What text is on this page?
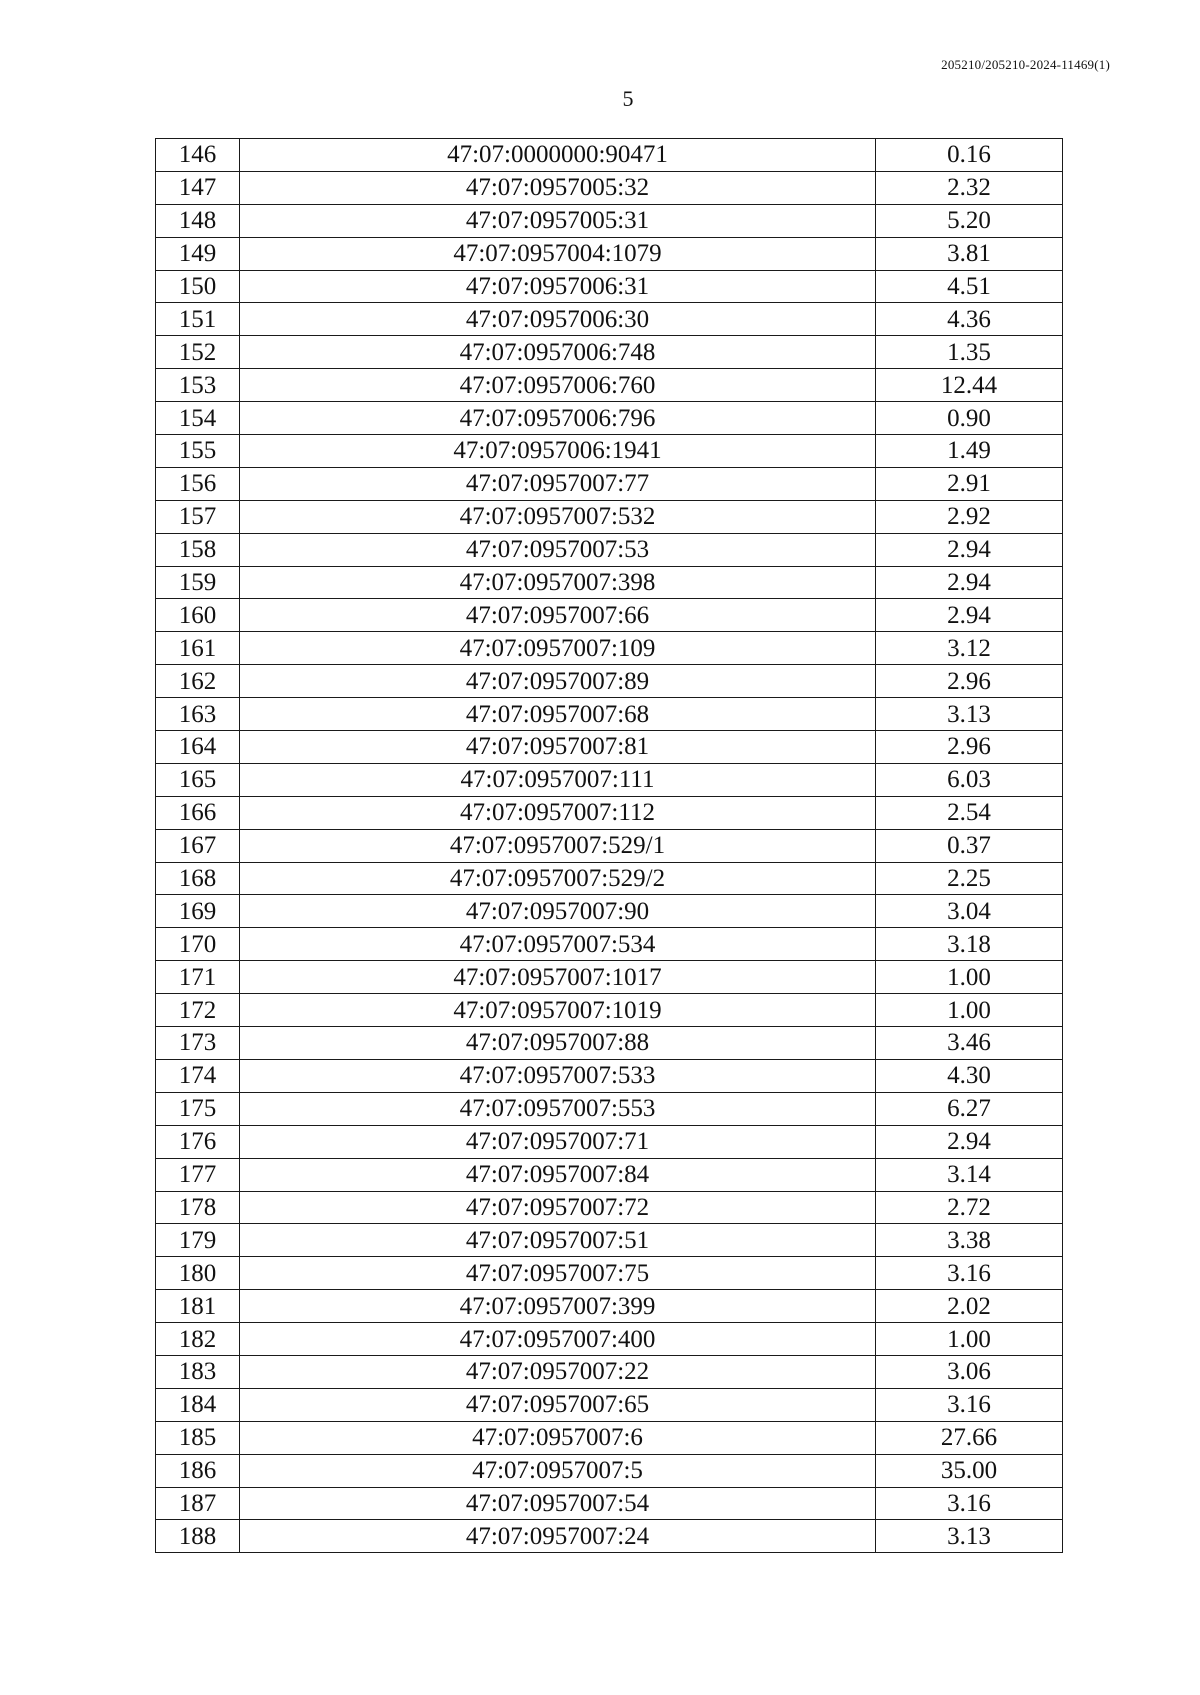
205210/205210-2024-11469(1)
5
146	47:07:0000000:90471	0.16
147	47:07:0957005:32	2.32
148	47:07:0957005:31	5.20
149	47:07:0957004:1079	3.81
150	47:07:0957006:31	4.51
151	47:07:0957006:30	4.36
152	47:07:0957006:748	1.35
153	47:07:0957006:760	12.44
154	47:07:0957006:796	0.90
155	47:07:0957006:1941	1.49
156	47:07:0957007:77	2.91
157	47:07:0957007:532	2.92
158	47:07:0957007:53	2.94
159	47:07:0957007:398	2.94
160	47:07:0957007:66	2.94
161	47:07:0957007:109	3.12
162	47:07:0957007:89	2.96
163	47:07:0957007:68	3.13
164	47:07:0957007:81	2.96
165	47:07:0957007:111	6.03
166	47:07:0957007:112	2.54
167	47:07:0957007:529/1	0.37
168	47:07:0957007:529/2	2.25
169	47:07:0957007:90	3.04
170	47:07:0957007:534	3.18
171	47:07:0957007:1017	1.00
172	47:07:0957007:1019	1.00
173	47:07:0957007:88	3.46
174	47:07:0957007:533	4.30
175	47:07:0957007:553	6.27
176	47:07:0957007:71	2.94
177	47:07:0957007:84	3.14
178	47:07:0957007:72	2.72
179	47:07:0957007:51	3.38
180	47:07:0957007:75	3.16
181	47:07:0957007:399	2.02
182	47:07:0957007:400	1.00
183	47:07:0957007:22	3.06
184	47:07:0957007:65	3.16
185	47:07:0957007:6	27.66
186	47:07:0957007:5	35.00
187	47:07:0957007:54	3.16
188	47:07:0957007:24	3.13
